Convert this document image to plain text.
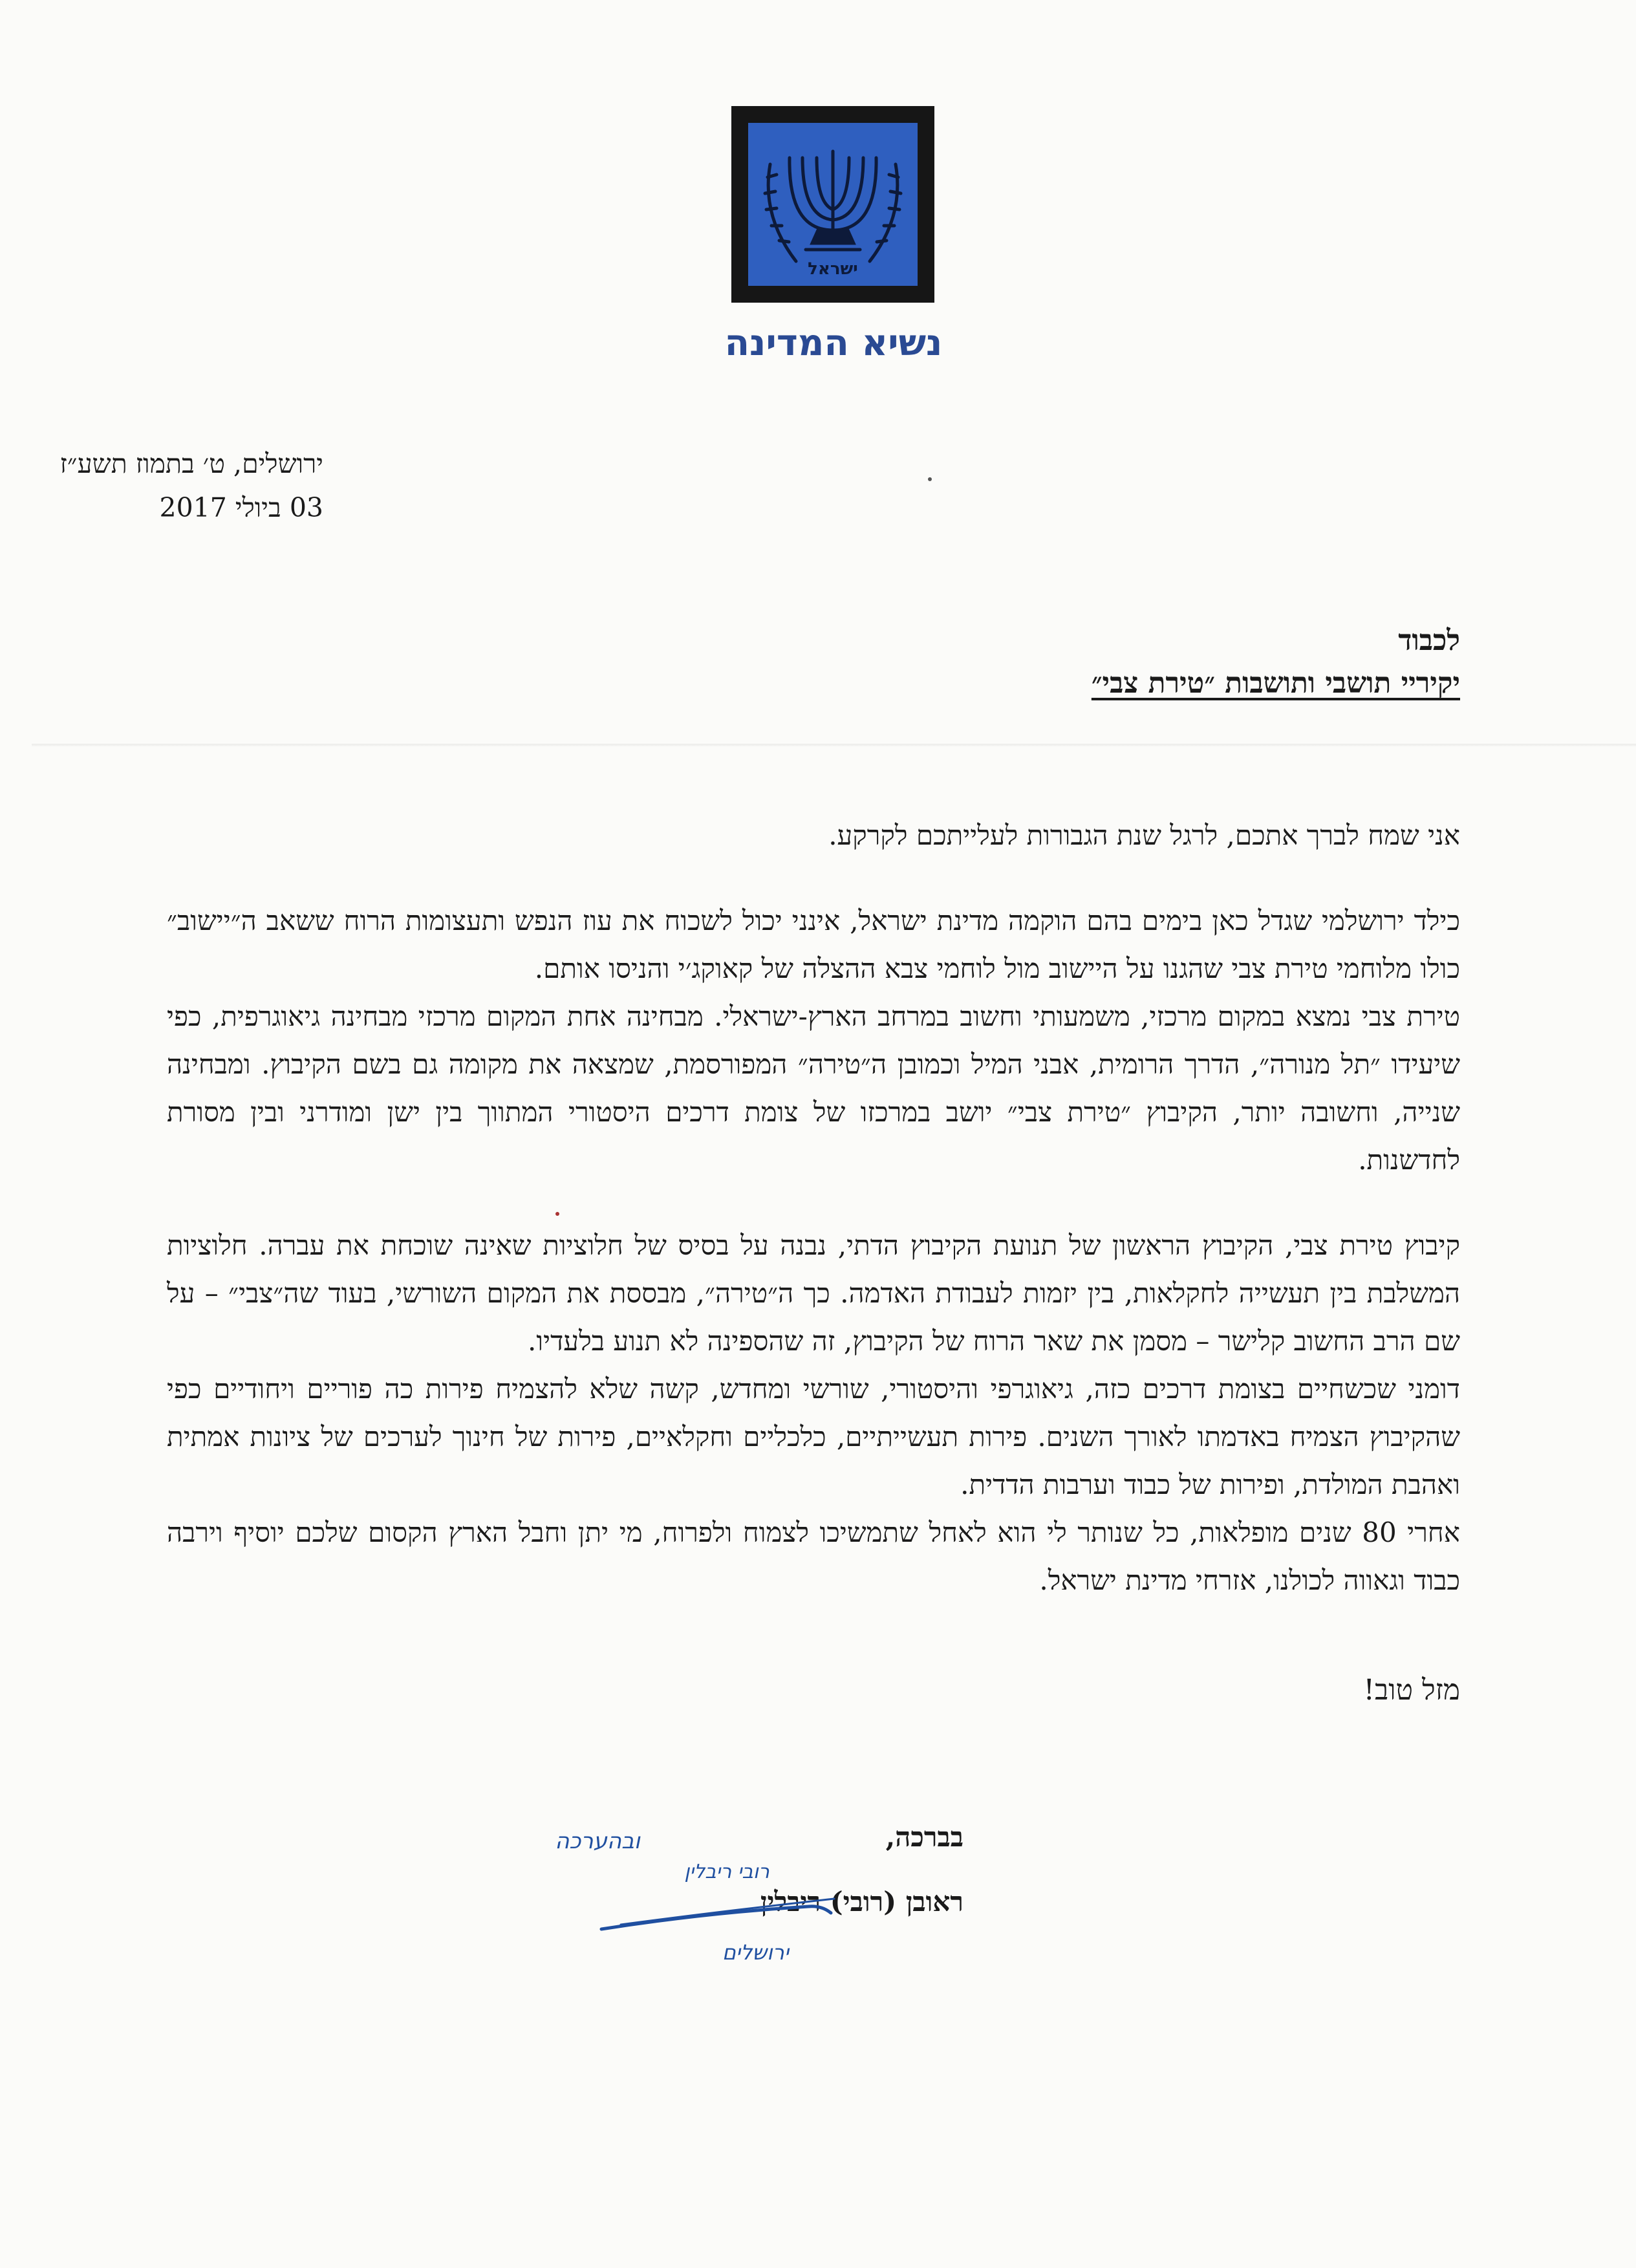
ישראל
נשיא המדינה
ירושלים, ט׳ בתמוז תשע״ז
03 ביולי 2017
לכבוד
יקיריי תושבי ותושבות ״טירת צבי״

אני שמח לברך אתכם, לרגל שנת הגבורות לעלייתכם לקרקע.

כילד ירושלמי שגדל כאן בימים בהם הוקמה מדינת ישראל, אינני יכול לשכוח את עוז הנפש ותעצומות הרוח ששאב ה״יישוב״ כולו מלוחמי טירת צבי שהגנו על היישוב מול לוחמי צבא ההצלה של קאוקג׳י והניסו אותם.

טירת צבי נמצא במקום מרכזי, משמעותי וחשוב במרחב הארץ-ישראלי. מבחינה אחת המקום מרכזי מבחינה גיאוגרפית, כפי שיעידו ״תל מנורה״, הדרך הרומית, אבני המיל וכמובן ה״טירה״ המפורסמת, שמצאה את מקומה גם בשם הקיבוץ. ומבחינה שנייה, וחשובה יותר, הקיבוץ ״טירת צבי״ יושב במרכזו של צומת דרכים היסטורי המתווך בין ישן ומודרני ובין מסורת לחדשנות.

קיבוץ טירת צבי, הקיבוץ הראשון של תנועת הקיבוץ הדתי, נבנה על בסיס של חלוציות שאינה שוכחת את עברה. חלוציות המשלבת בין תעשייה לחקלאות, בין יזמות לעבודת האדמה. כך ה״טירה״, מבססת את המקום השורשי, בעוד שה״צבי״ – על שם הרב החשוב קלישר – מסמן את שאר הרוח של הקיבוץ, זה שהספינה לא תנוע בלעדיו.

דומני שכשחיים בצומת דרכים כזה, גיאוגרפי והיסטורי, שורשי ומחדש, קשה שלא להצמיח פירות כה פוריים ויחודיים כפי שהקיבוץ הצמיח באדמתו לאורך השנים. פירות תעשייתיים, כלכליים וחקלאיים, פירות של חינוך לערכים של ציונות אמתית ואהבת המולדת, ופירות של כבוד וערבות הדדית.

אחרי 80 שנים מופלאות, כל שנותר לי הוא לאחל שתמשיכו לצמוח ולפרוח, מי יתן וחבל הארץ הקסום שלכם יוסיף וירבה כבוד וגאווה לכולנו, אזרחי מדינת ישראל.

מזל טוב!
בברכה,
ראובן (רובי) ריבלין
ובהערכה
רובי ריבלין
ירושלים
